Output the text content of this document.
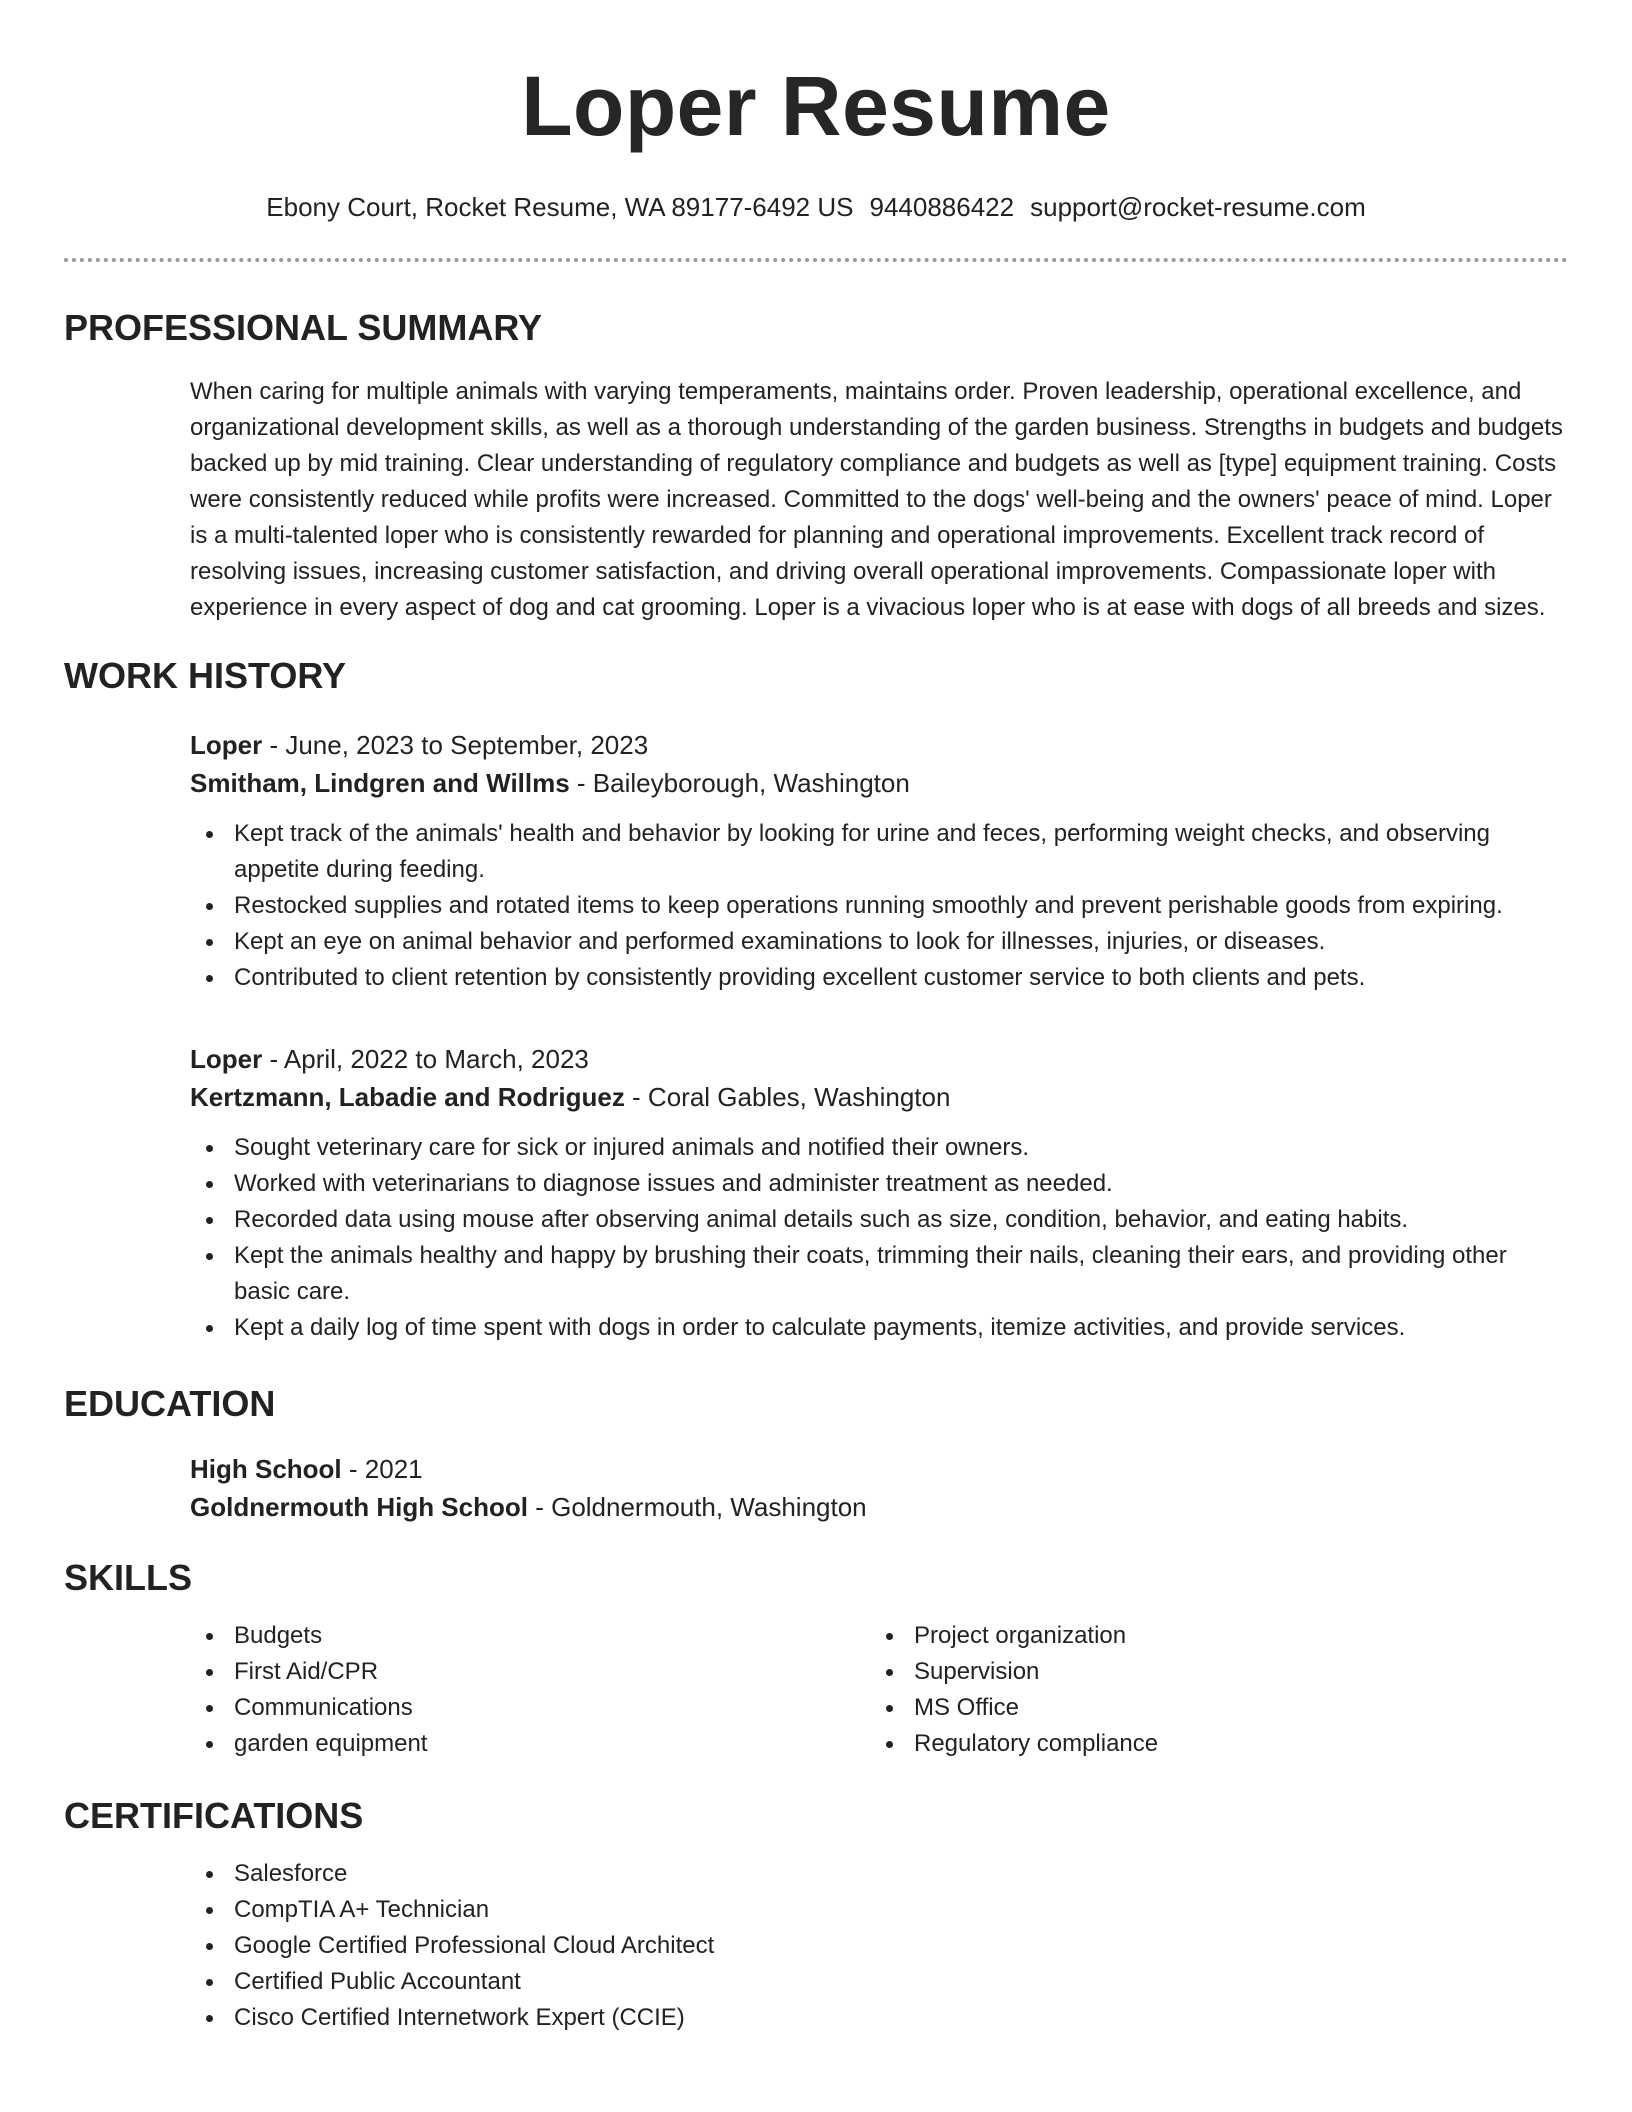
Loper Resume
Ebony Court, Rocket Resume, WA 89177-6492 US 9440886422 support@rocket-resume.com
PROFESSIONAL SUMMARY

When caring for multiple animals with varying temperaments, maintains order. Proven leadership, operational excellence, and organizational development skills, as well as a thorough understanding of the garden business. Strengths in budgets and budgets backed up by mid training. Clear understanding of regulatory compliance and budgets as well as [type] equipment training. Costs were consistently reduced while profits were increased. Committed to the dogs' well-being and the owners' peace of mind. Loper is a multi-talented loper who is consistently rewarded for planning and operational improvements. Excellent track record of resolving issues, increasing customer satisfaction, and driving overall operational improvements. Compassionate loper with experience in every aspect of dog and cat grooming. Loper is a vivacious loper who is at ease with dogs of all breeds and sizes.

WORK HISTORY
Loper - June, 2023 to September, 2023
Smitham, Lindgren and Willms - Baileyborough, Washington
Kept track of the animals' health and behavior by looking for urine and feces, performing weight checks, and observing appetite during feeding.
Restocked supplies and rotated items to keep operations running smoothly and prevent perishable goods from expiring.
Kept an eye on animal behavior and performed examinations to look for illnesses, injuries, or diseases.
Contributed to client retention by consistently providing excellent customer service to both clients and pets.
Loper - April, 2022 to March, 2023
Kertzmann, Labadie and Rodriguez - Coral Gables, Washington
Sought veterinary care for sick or injured animals and notified their owners.
Worked with veterinarians to diagnose issues and administer treatment as needed.
Recorded data using mouse after observing animal details such as size, condition, behavior, and eating habits.
Kept the animals healthy and happy by brushing their coats, trimming their nails, cleaning their ears, and providing other basic care.
Kept a daily log of time spent with dogs in order to calculate payments, itemize activities, and provide services.
EDUCATION
High School - 2021
Goldnermouth High School - Goldnermouth, Washington
SKILLS
Budgets
First Aid/CPR
Communications
garden equipment
Project organization
Supervision
MS Office
Regulatory compliance
CERTIFICATIONS
Salesforce
CompTIA A+ Technician
Google Certified Professional Cloud Architect
Certified Public Accountant
Cisco Certified Internetwork Expert (CCIE)
